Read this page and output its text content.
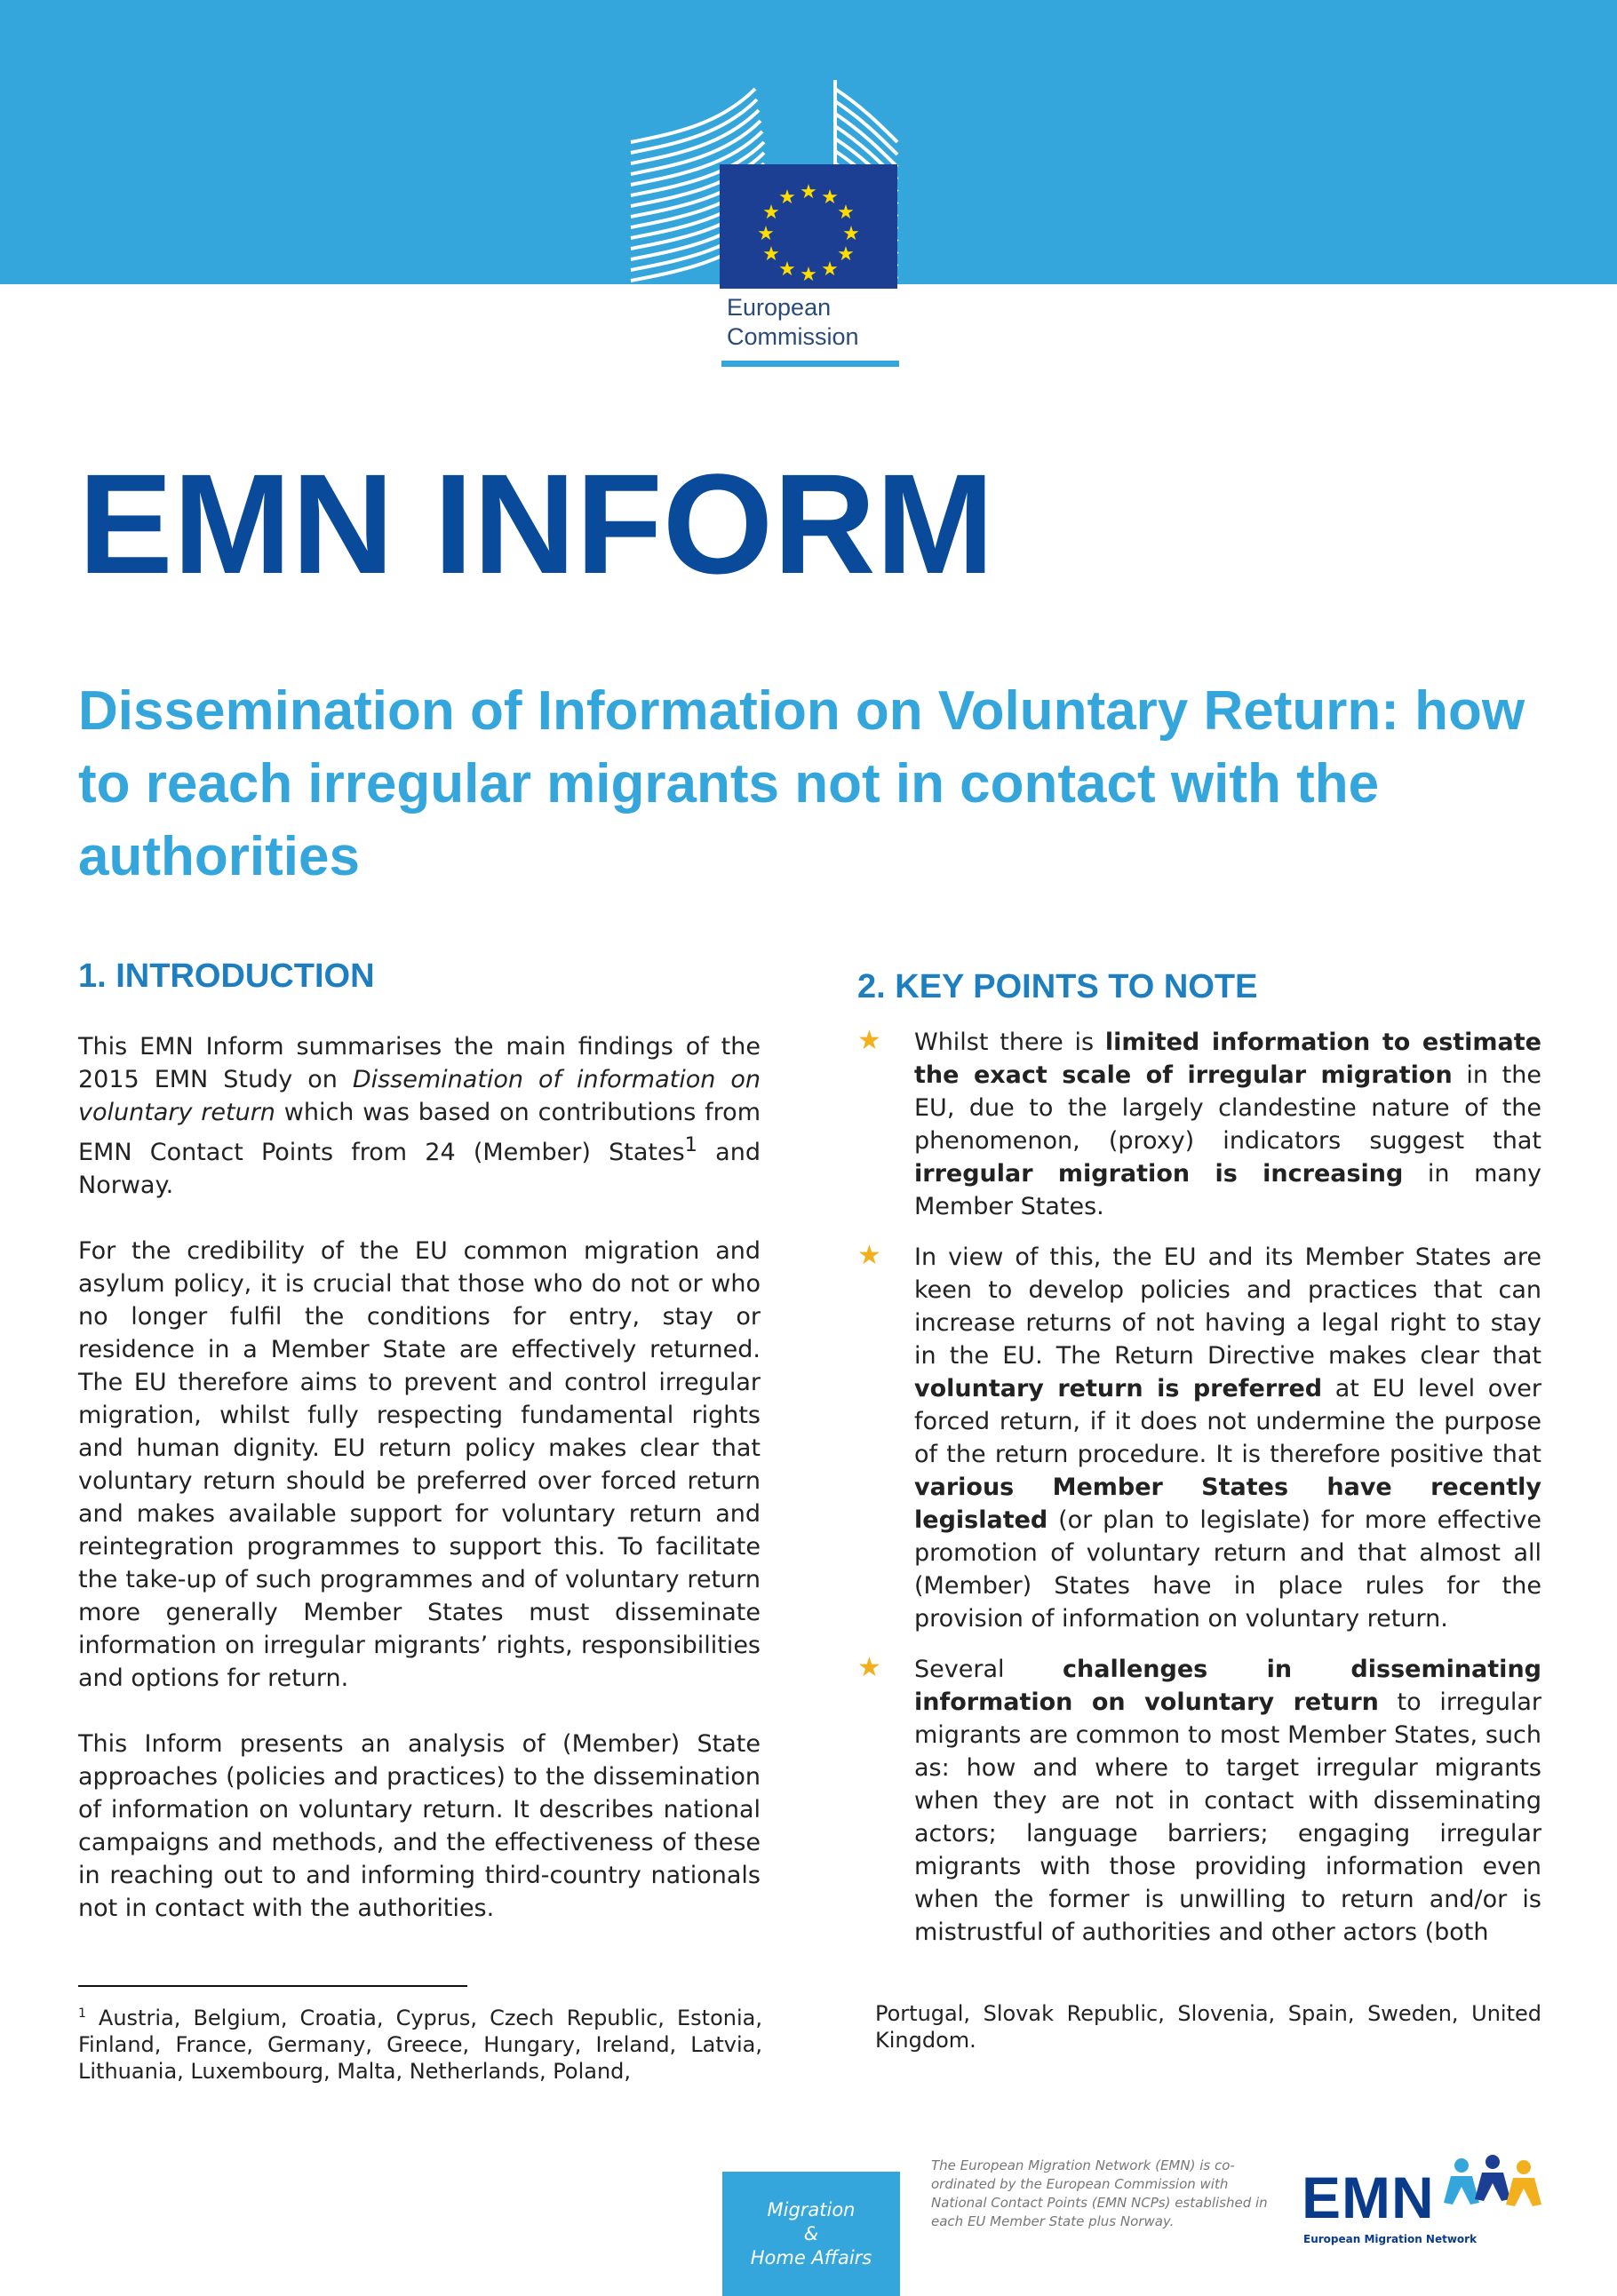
★ ★
★
★
★
★
★
★
★
★
★
★
European
Commission
EMN INFORM
Dissemination of Information on Voluntary Return: how to reach irregular migrants not in contact with the authorities
1. INTRODUCTION

This EMN Inform summarises the main findings of the 2015 EMN Study on Dissemination of information on voluntary return which was based on contributions from EMN Contact Points from 24 (Member) States$^1$ and Norway.

For the credibility of the EU common migration and asylum policy, it is crucial that those who do not or who no longer fulfil the conditions for entry, stay or residence in a Member State are effectively returned. The EU therefore aims to prevent and control irregular migration, whilst fully respecting fundamental rights and human dignity. EU return policy makes clear that voluntary return should be preferred over forced return and makes available support for voluntary return and reintegration programmes to support this. To facilitate the take-up of such programmes and of voluntary return more generally Member States must disseminate information on irregular migrants’ rights, responsibilities and options for return.

This Inform presents an analysis of (Member) State approaches (policies and practices) to the dissemination of information on voluntary return. It describes national campaigns and methods, and the effectiveness of these in reaching out to and informing third-country nationals not in contact with the authorities.

2. KEY POINTS TO NOTE
★ Whilst there is limited information to estimate the exact scale of irregular migration in the EU, due to the largely clandestine nature of the phenomenon, (proxy) indicators suggest that irregular migration is increasing in many Member States.
★ In view of this, the EU and its Member States are keen to develop policies and practices that can increase returns of not having a legal right to stay in the EU. The Return Directive makes clear that voluntary return is preferred at EU level over forced return, if it does not undermine the purpose of the return procedure. It is therefore positive that various Member States have recently legislated (or plan to legislate) for more effective promotion of voluntary return and that almost all (Member) States have in place rules for the provision of information on voluntary return.
★ Several challenges in disseminating information on voluntary return to irregular migrants are common to most Member States, such as: how and where to target irregular migrants when they are not in contact with disseminating actors; language barriers; engaging irregular migrants with those providing information even when the former is unwilling to return and/or is mistrustful of authorities and other actors (both
$^1$ Austria, Belgium, Croatia, Cyprus, Czech Republic, Estonia, Finland, France, Germany, Greece, Hungary, Ireland, Latvia, Lithuania, Luxembourg, Malta, Netherlands, Poland,
Portugal, Slovak Republic, Slovenia, Spain, Sweden, United Kingdom.
Migration
&
Home Affairs
The European Migration Network (EMN) is co-ordinated by the European Commission with National Contact Points (EMN NCPs) established in each EU Member State plus Norway.	EMN
European Migration Network
